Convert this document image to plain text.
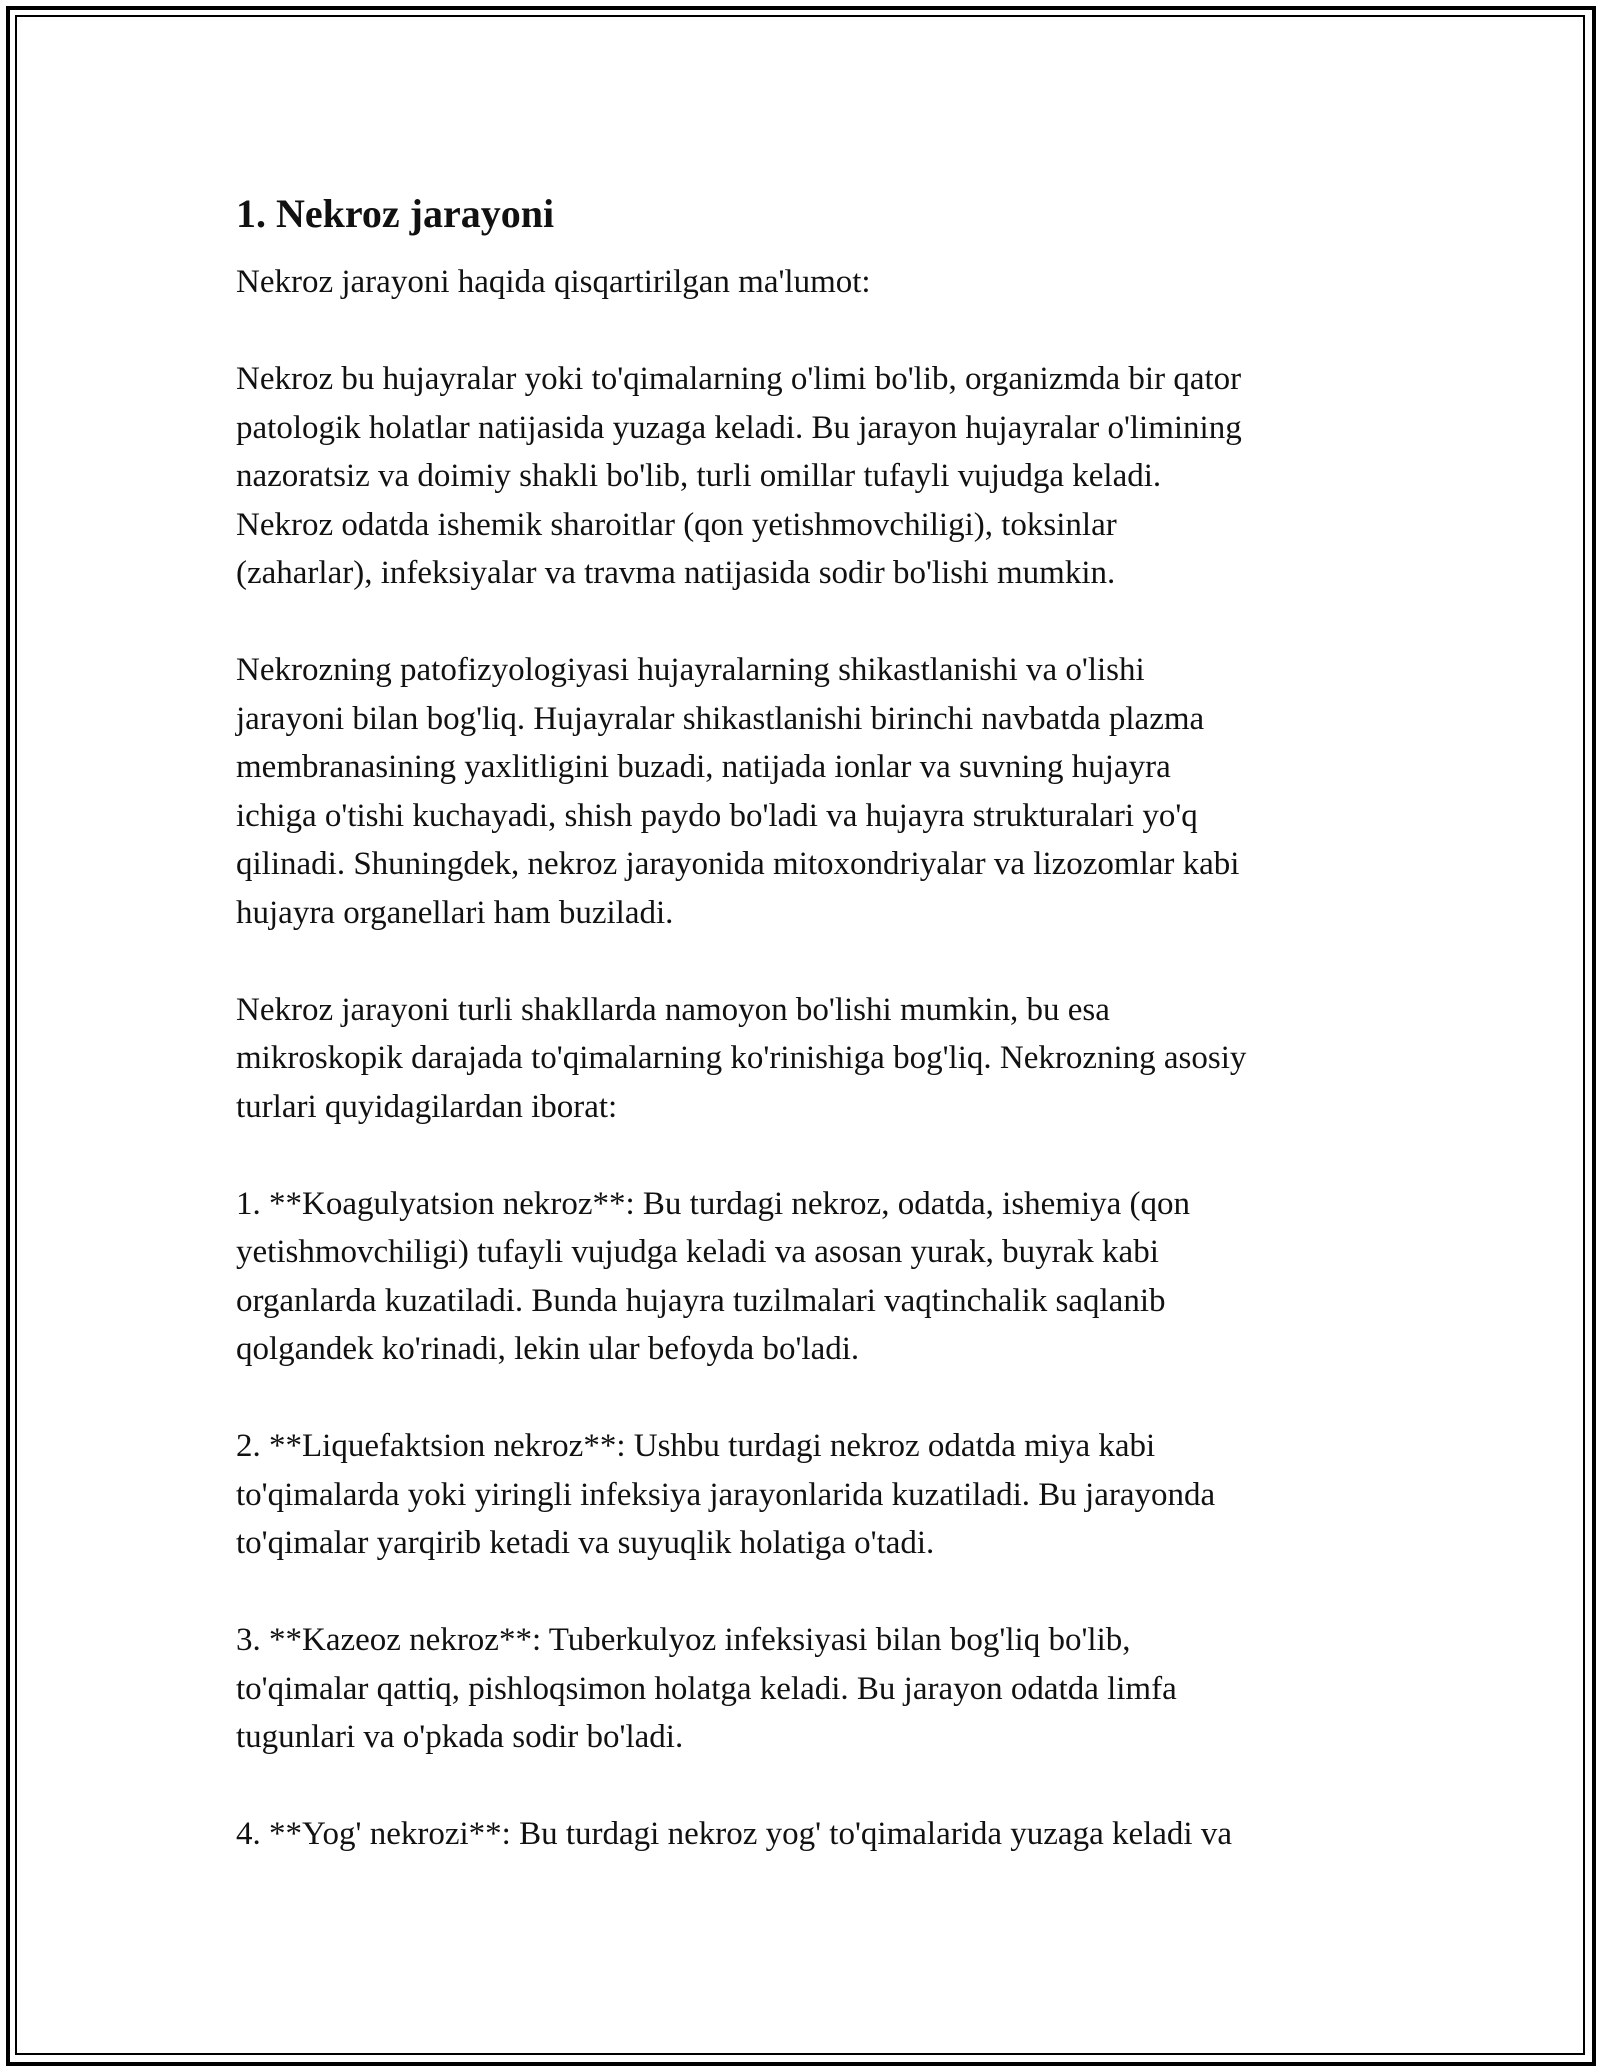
1. Nekroz jarayoni

Nekroz jarayoni haqida qisqartirilgan ma'lumot:

Nekroz bu hujayralar yoki to'qimalarning o'limi bo'lib, organizmda bir qator
patologik holatlar natijasida yuzaga keladi. Bu jarayon hujayralar o'limining
nazoratsiz va doimiy shakli bo'lib, turli omillar tufayli vujudga keladi.
Nekroz odatda ishemik sharoitlar (qon yetishmovchiligi), toksinlar
(zaharlar), infeksiyalar va travma natijasida sodir bo'lishi mumkin.

Nekrozning patofizyologiyasi hujayralarning shikastlanishi va o'lishi
jarayoni bilan bog'liq. Hujayralar shikastlanishi birinchi navbatda plazma
membranasining yaxlitligini buzadi, natijada ionlar va suvning hujayra
ichiga o'tishi kuchayadi, shish paydo bo'ladi va hujayra strukturalari yo'q
qilinadi. Shuningdek, nekroz jarayonida mitoxondriyalar va lizozomlar kabi
hujayra organellari ham buziladi.

Nekroz jarayoni turli shakllarda namoyon bo'lishi mumkin, bu esa
mikroskopik darajada to'qimalarning ko'rinishiga bog'liq. Nekrozning asosiy
turlari quyidagilardan iborat:

1. **Koagulyatsion nekroz**: Bu turdagi nekroz, odatda, ishemiya (qon
yetishmovchiligi) tufayli vujudga keladi va asosan yurak, buyrak kabi
organlarda kuzatiladi. Bunda hujayra tuzilmalari vaqtinchalik saqlanib
qolgandek ko'rinadi, lekin ular befoyda bo'ladi.

2. **Liquefaktsion nekroz**: Ushbu turdagi nekroz odatda miya kabi
to'qimalarda yoki yiringli infeksiya jarayonlarida kuzatiladi. Bu jarayonda
to'qimalar yarqirib ketadi va suyuqlik holatiga o'tadi.

3. **Kazeoz nekroz**: Tuberkulyoz infeksiyasi bilan bog'liq bo'lib,
to'qimalar qattiq, pishloqsimon holatga keladi. Bu jarayon odatda limfa
tugunlari va o'pkada sodir bo'ladi.

4. **Yog' nekrozi**: Bu turdagi nekroz yog' to'qimalarida yuzaga keladi va
